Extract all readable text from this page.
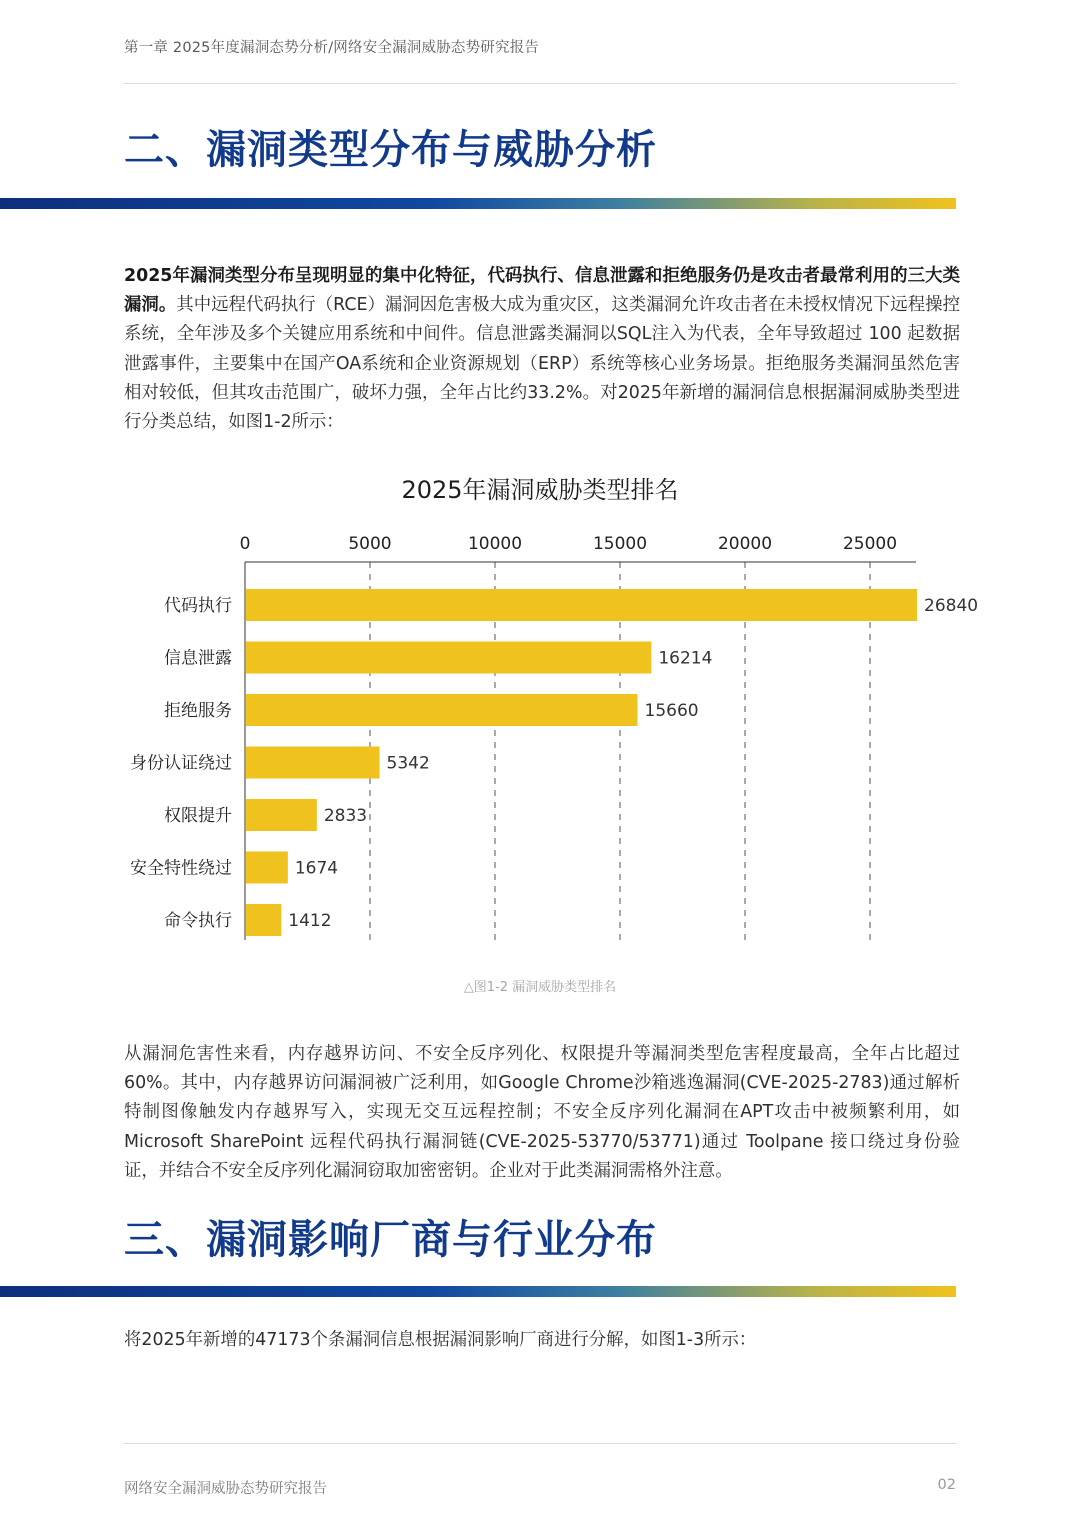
第一章 2025年度漏洞态势分析/网络安全漏洞威胁态势研究报告
二、漏洞类型分布与威胁分析

2025年漏洞类型分布呈现明显的集中化特征，代码执行、信息泄露和拒绝服务仍是攻击者最常利用的三大类漏洞。其中远程代码执行（RCE）漏洞因危害极大成为重灾区，这类漏洞允许攻击者在未授权情况下远程操控系统，全年涉及多个关键应用系统和中间件。信息泄露类漏洞以SQL注入为代表，全年导致超过 100 起数据泄露事件，主要集中在国产OA系统和企业资源规划（ERP）系统等核心业务场景。拒绝服务类漏洞虽然危害相对较低，但其攻击范围广，破坏力强，全年占比约33.2%。对2025年新增的漏洞信息根据漏洞威胁类型进行分类总结，如图1-2所示：

2025年漏洞威胁类型排名
0	5000	10000	15000	20000	25000
代码执行
信息泄露
拒绝服务
身份认证绕过
权限提升
安全特性绕过
命令执行
26840
16214
15660
5342
2833
1674
1412
△图1-2 漏洞威胁类型排名

从漏洞危害性来看，内存越界访问、不安全反序列化、权限提升等漏洞类型危害程度最高，全年占比超过60%。其中，内存越界访问漏洞被广泛利用，如Google Chrome沙箱逃逸漏洞(CVE-2025-2783)通过解析特制图像触发内存越界写入，实现无交互远程控制；不安全反序列化漏洞在APT攻击中被频繁利用，如Microsoft SharePoint 远程代码执行漏洞链(CVE-2025-53770/53771)通过 Toolpane 接口绕过身份验证，并结合不安全反序列化漏洞窃取加密密钥。企业对于此类漏洞需格外注意。

三、漏洞影响厂商与行业分布

将2025年新增的47173个条漏洞信息根据漏洞影响厂商进行分解，如图1-3所示：

网络安全漏洞威胁态势研究报告	02
